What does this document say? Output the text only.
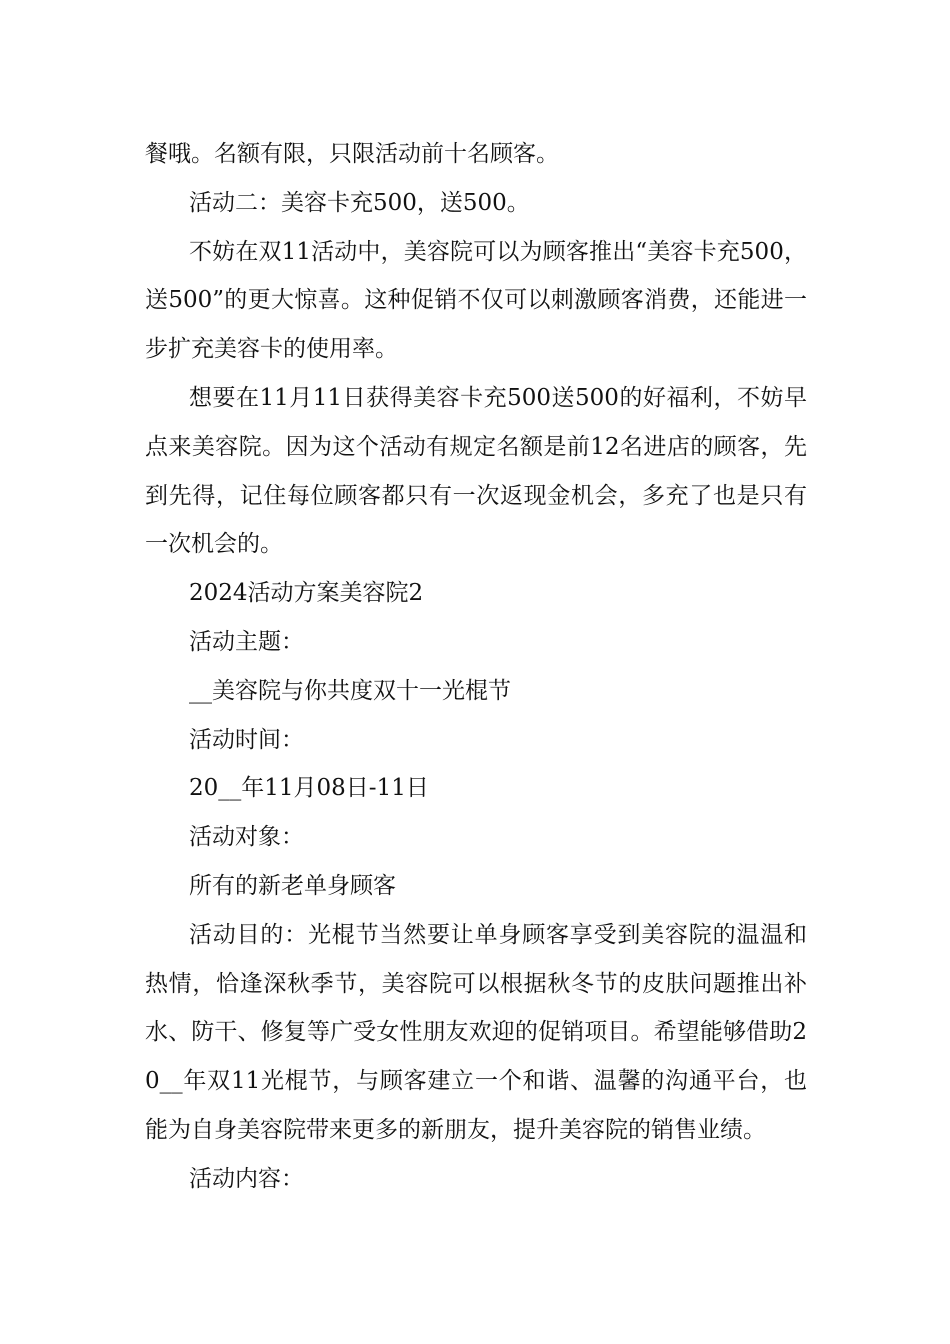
餐哦。名额有限，只限活动前十名顾客。

活动二：美容卡充500，送500。

不妨在双11活动中，美容院可以为顾客推出“美容卡充500，送500”的更大惊喜。这种促销不仅可以刺激顾客消费，还能进一步扩充美容卡的使用率。

想要在11月11日获得美容卡充500送500的好福利，不妨早点来美容院。因为这个活动有规定名额是前12名进店的顾客，先到先得，记住每位顾客都只有一次返现金机会，多充了也是只有一次机会的。

2024活动方案美容院2

活动主题：

__美容院与你共度双十一光棍节

活动时间：

20__年11月08日-11日

活动对象：

所有的新老单身顾客

活动目的：光棍节当然要让单身顾客享受到美容院的温温和热情，恰逢深秋季节，美容院可以根据秋冬节的皮肤问题推出补水、防干、修复等广受女性朋友欢迎的促销项目。希望能够借助20__年双11光棍节，与顾客建立一个和谐、温馨的沟通平台，也能为自身美容院带来更多的新朋友，提升美容院的销售业绩。

活动内容：
